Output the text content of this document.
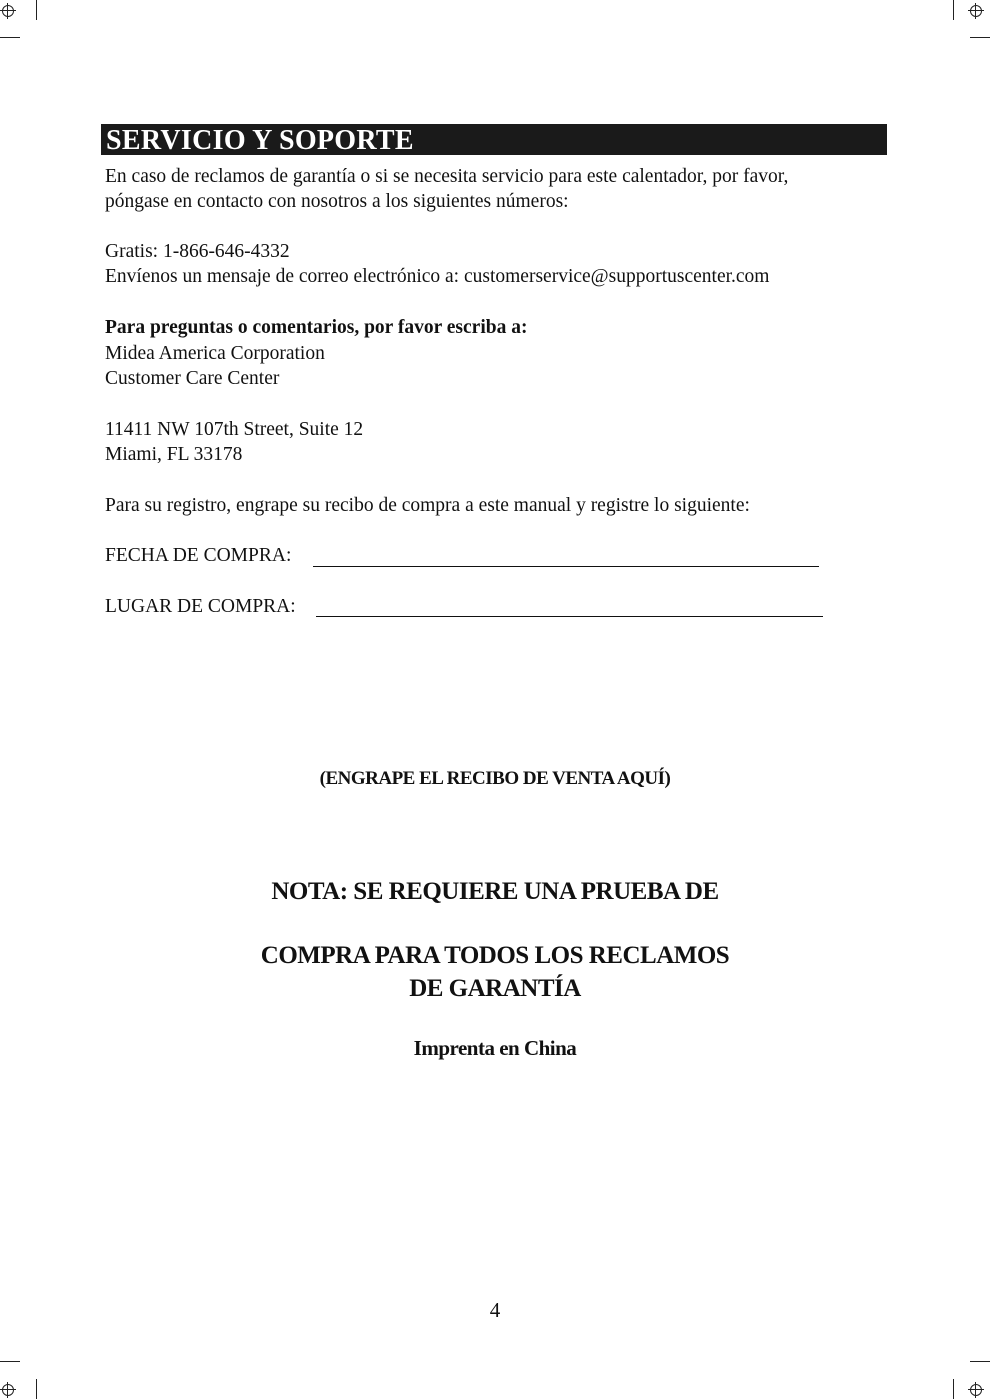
SERVICIO Y SOPORTE
En caso de reclamos de garantía o si se necesita servicio para este calentador, por favor,
póngase en contacto con nosotros a los siguientes números:
Gratis: 1-866-646-4332
Envíenos un mensaje de correo electrónico a: customerservice@supportuscenter.com
Para preguntas o comentarios, por favor escriba a:
Midea America Corporation
Customer Care Center
11411 NW 107th Street, Suite 12
Miami, FL 33178
Para su registro, engrape su recibo de compra a este manual y registre lo siguiente:
FECHA DE COMPRA:
LUGAR DE COMPRA:
(ENGRAPE EL RECIBO DE VENTA AQUÍ)
NOTA: SE REQUIERE UNA PRUEBA DE
COMPRA PARA TODOS LOS RECLAMOS
DE GARANTÍA
Imprenta en China
4
